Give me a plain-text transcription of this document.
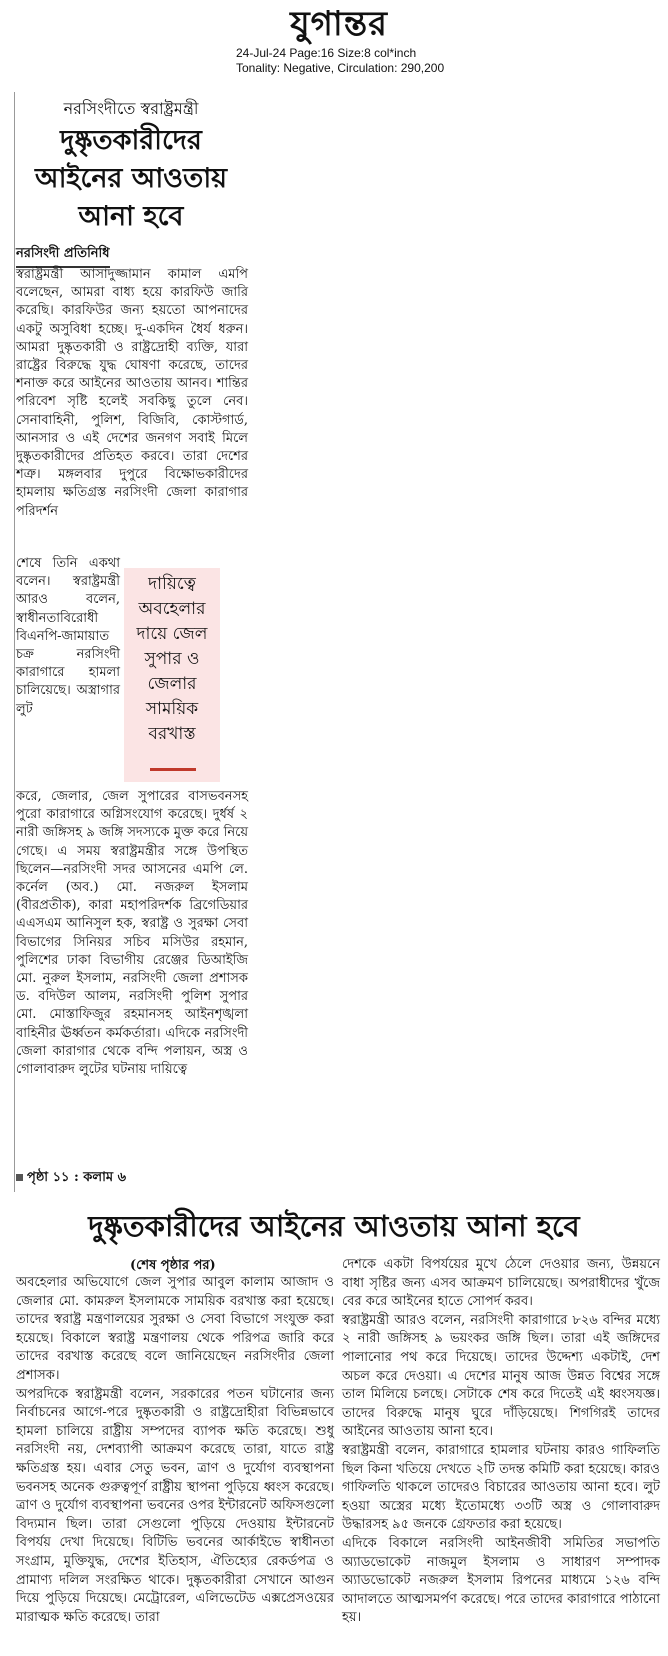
যুগান্তর
24-Jul-24 Page:16 Size:8 col*inch
Tonality: Negative, Circulation: 290,200
নরসিংদীতে স্বরাষ্ট্রমন্ত্রী
দুষ্কৃতকারীদের আইনের আওতায় আনা হবে
নরসিংদী প্রতিনিধি
স্বরাষ্ট্রমন্ত্রী আসাদুজ্জামান কামাল এমপি বলেছেন, আমরা বাধ্য হয়ে কারফিউ জারি করেছি। কারফিউর জন্য হয়তো আপনাদের একটু অসুবিধা হচ্ছে। দু-একদিন ধৈর্য ধরুন। আমরা দুষ্কৃতকারী ও রাষ্ট্রদ্রোহী ব্যক্তি, যারা রাষ্ট্রের বিরুদ্ধে যুদ্ধ ঘোষণা করেছে, তাদের শনাক্ত করে আইনের আওতায় আনব। শান্তির পরিবেশ সৃষ্টি হলেই সবকিছু তুলে নেব। সেনাবাহিনী, পুলিশ, বিজিবি, কোস্টগার্ড, আনসার ও এই দেশের জনগণ সবাই মিলে দুষ্কৃতকারীদের প্রতিহত করবে। তারা দেশের শত্রু। মঙ্গলবার দুপুরে বিক্ষোভকারীদের হামলায় ক্ষতিগ্রস্ত নরসিংদী জেলা কারাগার পরিদর্শন
শেষে তিনি একথা বলেন। স্বরাষ্ট্রমন্ত্রী আরও বলেন, স্বাধীনতাবিরোধী বিএনপি-জামায়াত চক্র নরসিংদী কারাগারে হামলা চালিয়েছে। অস্ত্রাগার লুট
দায়িত্বে অবহেলার দায়ে জেল সুপার ও জেলার সাময়িক বরখাস্ত
করে, জেলার, জেল সুপারের বাসভবনসহ পুরো কারাগারে অগ্নিসংযোগ করেছে। দুর্ধর্ষ ২ নারী জঙ্গিসহ ৯ জঙ্গি সদস্যকে মুক্ত করে নিয়ে গেছে। এ সময় স্বরাষ্ট্রমন্ত্রীর সঙ্গে উপস্থিত ছিলেন—নরসিংদী সদর আসনের এমপি লে. কর্নেল (অব.) মো. নজরুল ইসলাম (বীরপ্রতীক), কারা মহাপরিদর্শক ব্রিগেডিয়ার এএসএম আনিসুল হক, স্বরাষ্ট্র ও সুরক্ষা সেবা বিভাগের সিনিয়র সচিব মসিউর রহমান, পুলিশের ঢাকা বিভাগীয় রেঞ্জের ডিআইজি মো. নুরুল ইসলাম, নরসিংদী জেলা প্রশাসক ড. বদিউল আলম, নরসিংদী পুলিশ সুপার মো. মোস্তাফিজুর রহমানসহ আইনশৃঙ্খলা বাহিনীর ঊর্ধ্বতন কর্মকর্তারা। এদিকে নরসিংদী জেলা কারাগার থেকে বন্দি পলায়ন, অস্ত্র ও গোলাবারুদ লুটের ঘটনায় দায়িত্বে
পৃষ্ঠা ১১ : কলাম ৬
দুষ্কৃতকারীদের আইনের আওতায় আনা হবে
(শেষ পৃষ্ঠার পর)

অবহেলার অভিযোগে জেল সুপার আবুল কালাম আজাদ ও জেলার মো. কামরুল ইসলামকে সাময়িক বরখাস্ত করা হয়েছে। তাদের স্বরাষ্ট্র মন্ত্রণালয়ের সুরক্ষা ও সেবা বিভাগে সংযুক্ত করা হয়েছে। বিকালে স্বরাষ্ট্র মন্ত্রণালয় থেকে পরিপত্র জারি করে তাদের বরখাস্ত করেছে বলে জানিয়েছেন নরসিংদীর জেলা প্রশাসক।

অপরদিকে স্বরাষ্ট্রমন্ত্রী বলেন, সরকারের পতন ঘটানোর জন্য নির্বাচনের আগে-পরে দুষ্কৃতকারী ও রাষ্ট্রদ্রোহীরা বিভিন্নভাবে হামলা চালিয়ে রাষ্ট্রীয় সম্পদের ব্যাপক ক্ষতি করেছে। শুধু নরসিংদী নয়, দেশব্যাপী আক্রমণ করেছে তারা, যাতে রাষ্ট্র ক্ষতিগ্রস্ত হয়। এবার সেতু ভবন, ত্রাণ ও দুর্যোগ ব্যবস্থাপনা ভবনসহ অনেক গুরুত্বপূর্ণ রাষ্ট্রীয় স্থাপনা পুড়িয়ে ধ্বংস করেছে। ত্রাণ ও দুর্যোগ ব্যবস্থাপনা ভবনের ওপর ইন্টারনেট অফিসগুলো বিদ্যমান ছিল। তারা সেগুলো পুড়িয়ে দেওয়ায় ইন্টারনেট বিপর্যয় দেখা দিয়েছে। বিটিভি ভবনের আর্কাইভে স্বাধীনতা সংগ্রাম, মুক্তিযুদ্ধ, দেশের ইতিহাস, ঐতিহ্যের রেকর্ডপত্র ও প্রামাণ্য দলিল সংরক্ষিত থাকে। দুষ্কৃতকারীরা সেখানে আগুন দিয়ে পুড়িয়ে দিয়েছে। মেট্রোরেল, এলিভেটেড এক্সপ্রেসওয়ের মারাত্মক ক্ষতি করেছে। তারা

দেশকে একটা বিপর্যয়ের মুখে ঠেলে দেওয়ার জন্য, উন্নয়নে বাধা সৃষ্টির জন্য এসব আক্রমণ চালিয়েছে। অপরাধীদের খুঁজে বের করে আইনের হাতে সোপর্দ করব।

স্বরাষ্ট্রমন্ত্রী আরও বলেন, নরসিংদী কারাগারে ৮২৬ বন্দির মধ্যে ২ নারী জঙ্গিসহ ৯ ভয়ংকর জঙ্গি ছিল। তারা এই জঙ্গিদের পালানোর পথ করে দিয়েছে। তাদের উদ্দেশ্য একটাই, দেশ অচল করে দেওয়া। এ দেশের মানুষ আজ উন্নত বিশ্বের সঙ্গে তাল মিলিয়ে চলছে। সেটাকে শেষ করে দিতেই এই ধ্বংসযজ্ঞ। তাদের বিরুদ্ধে মানুষ ঘুরে দাঁড়িয়েছে। শিগগিরই তাদের আইনের আওতায় আনা হবে।

স্বরাষ্ট্রমন্ত্রী বলেন, কারাগারে হামলার ঘটনায় কারও গাফিলতি ছিল কিনা খতিয়ে দেখতে ২টি তদন্ত কমিটি করা হয়েছে। কারও গাফিলতি থাকলে তাদেরও বিচারের আওতায় আনা হবে। লুট হওয়া অস্ত্রের মধ্যে ইতোমধ্যে ৩৩টি অস্ত্র ও গোলাবারুদ উদ্ধারসহ ৯৫ জনকে গ্রেফতার করা হয়েছে।

এদিকে বিকালে নরসিংদী আইনজীবী সমিতির সভাপতি অ্যাডভোকেট নাজমুল ইসলাম ও সাধারণ সম্পাদক অ্যাডভোকেট নজরুল ইসলাম রিপনের মাধ্যমে ১২৬ বন্দি আদালতে আত্মসমর্পণ করেছে। পরে তাদের কারাগারে পাঠানো হয়।
